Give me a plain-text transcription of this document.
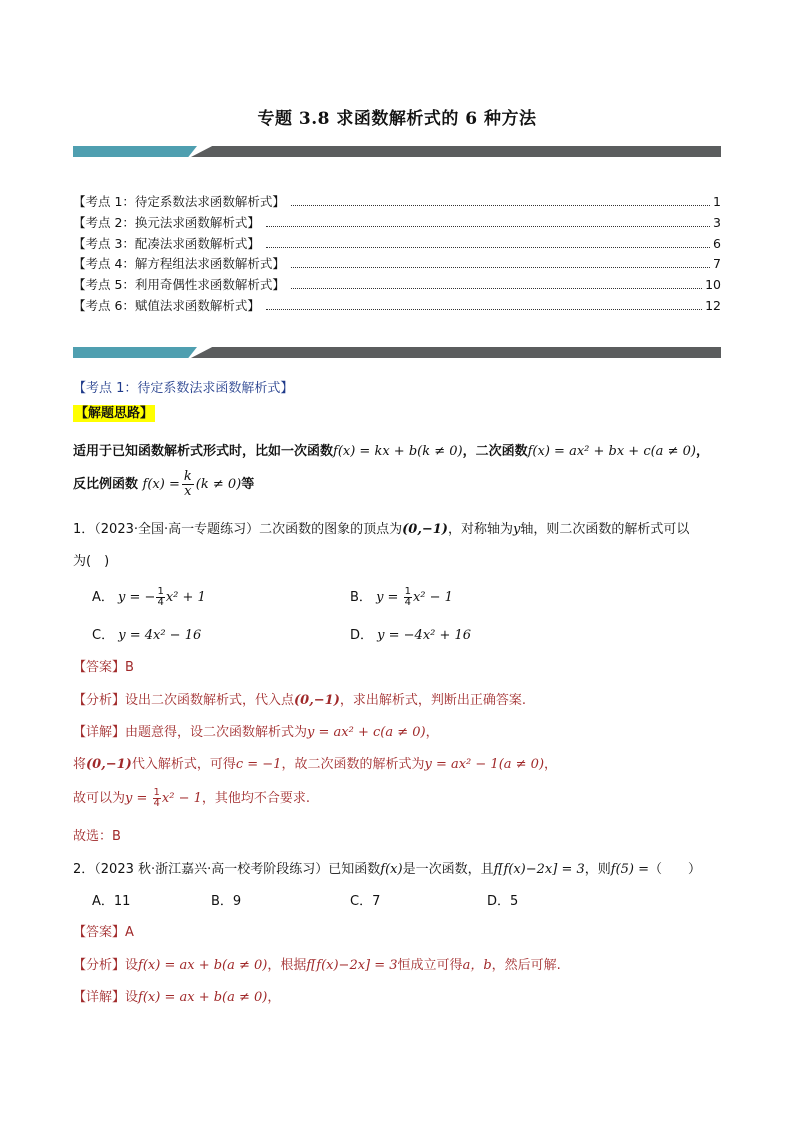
专题 3.8 求函数解析式的 6 种方法
【考点 1：待定系数法求函数解析式】	1
【考点 2：换元法求函数解析式】	3
【考点 3：配凑法求函数解析式】	6
【考点 4：解方程组法求函数解析式】	7
【考点 5：利用奇偶性求函数解析式】	10
【考点 6：赋值法求函数解析式】	12
【考点 1：待定系数法求函数解析式】
【解题思路】
适用于已知函数解析式形式时，比如一次函数f(x) = kx + b(k ≠ 0)，二次函数f(x) = ax² + bx + c(a ≠ 0)，
反比例函数 $f(x) = \frac{k}{x} (k \ne 0)$等
1．（2023·全国·高一专题练习）二次函数的图象的顶点为(0,−1)，对称轴为y轴，则二次函数的解析式可以
为(　)
A． y = − $\frac{1}{4} x^2 + 1$	B． $y = \frac{1}{4} x^2 - 1$
C． y = 4x² − 16	D． y = −4x² + 16
【答案】B
【分析】设出二次函数解析式，代入点(0,−1)，求出解析式，判断出正确答案.
【详解】由题意得，设二次函数解析式为y = ax² + c(a ≠ 0)，
将(0,−1)代入解析式，可得c = −1，故二次函数的解析式为y = ax² − 1(a ≠ 0)，
故可以为$y = \frac{1}{4} x^2 - 1$，其他均不合要求.
故选：B
2．（2023 秋·浙江嘉兴·高一校考阶段练习）已知函数f(x)是一次函数，且f[f(x)−2x] = 3，则f(5) =（　　）
A．11	B．9	C．7	D．5
【答案】A
【分析】设f(x) = ax + b(a ≠ 0)，根据f[f(x)−2x] = 3恒成立可得a，b，然后可解.
【详解】设f(x) = ax + b(a ≠ 0)，
